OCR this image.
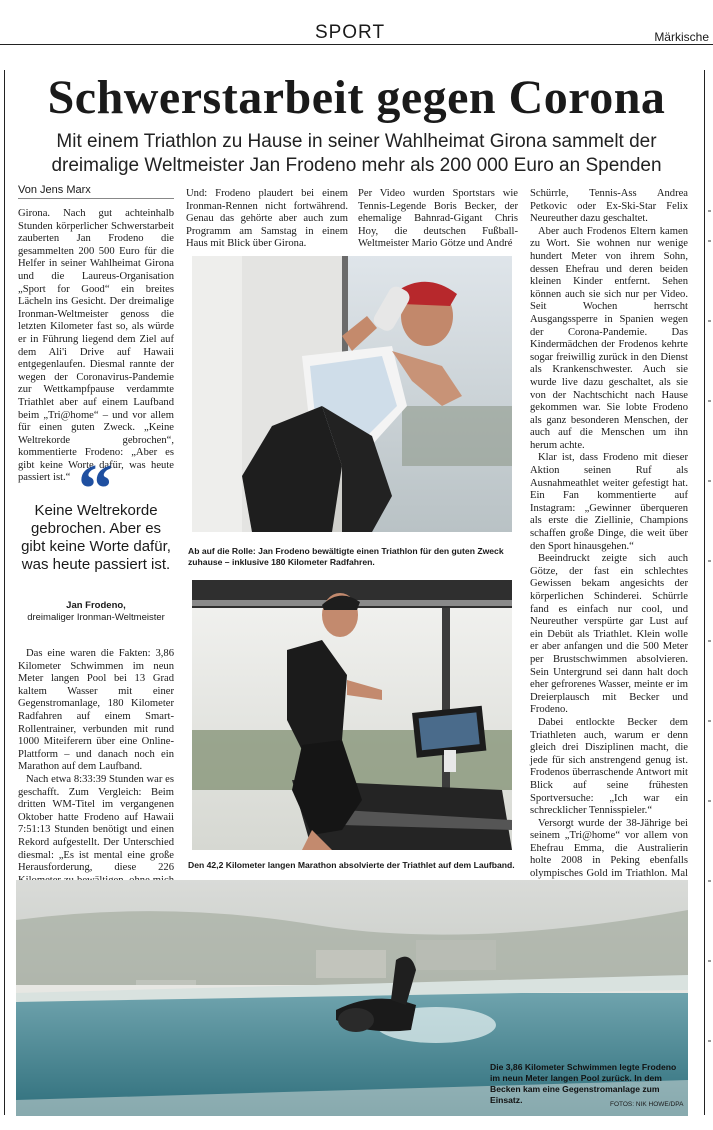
SPORT	Märkische
Schwerstarbeit gegen Corona
Mit einem Triathlon zu Hause in seiner Wahlheimat Girona sammelt der dreimalige Weltmeister Jan Frodeno mehr als 200 000 Euro an Spenden
Von Jens Marx

Girona. Nach gut achteinhalb Stunden körperlicher Schwerstarbeit zauberten Jan Frodeno die gesammelten 200 500 Euro für die Helfer in seiner Wahlheimat Girona und die Laureus-Organisation „Sport for Good“ ein breites Lächeln ins Gesicht. Der dreimalige Ironman-Weltmeister genoss die letzten Kilometer fast so, als würde er in Führung liegend dem Ziel auf dem Ali'i Drive auf Hawaii entgegenlaufen. Diesmal rannte der wegen der Coronavirus-Pandemie zur Wettkampfpause verdammte Triathlet aber auf einem Laufband beim „Tri@home“ – und vor allem für einen guten Zweck. „Keine Weltrekorde gebrochen“, kommentierte Frodeno: „Aber es gibt keine Worte dafür, was heute passiert ist.“ “
Keine Weltrekorde gebrochen. Aber es gibt keine Worte dafür, was heute passiert ist.
Jan Frodeno,
dreimaliger Ironman-Weltmeister

Das eine waren die Fakten: 3,86 Kilometer Schwimmen im neun Meter langen Pool bei 13 Grad kaltem Wasser mit einer Gegenstromanlage, 180 Kilometer Radfahren auf einem Smart-Rollentrainer, verbunden mit rund 1000 Miteiferern über eine Online-Plattform – und danach noch ein Marathon auf dem Laufband.

Nach etwa 8:33:39 Stunden war es geschafft. Zum Vergleich: Beim dritten WM-Titel im vergangenen Oktober hatte Frodeno auf Hawaii 7:51:13 Stunden benötigt und einen Rekord aufgestellt. Der Unterschied diesmal: „Es ist mental eine große Herausforderung, diese 226

Und: Frodeno plaudert bei einem Ironman-Rennen nicht fortwährend. Genau das gehörte aber auch zum Programm am Samstag in einem Haus mit Blick über Girona.

Per Video wurden Sportstars wie Tennis-Legende Boris Becker, der ehemalige Bahnrad-Gigant Chris Hoy, die deutschen Fußball-Weltmeister Mario Götze und André

Schürrle, Tennis-Ass Andrea Petkovic oder Ex-Ski-Star Felix Neureuther dazu geschaltet.

Aber auch Frodenos Eltern kamen zu Wort. Sie wohnen nur wenige hundert Meter von ihrem Sohn, dessen Ehefrau und deren beiden kleinen Kinder entfernt. Sehen können auch sie sich nur per Video. Seit Wochen herrscht Ausgangssperre in Spanien wegen der Corona-Pandemie. Das Kindermädchen der Frodenos kehrte sogar freiwillig zurück in den Dienst als Krankenschwester. Auch sie wurde live dazu geschaltet, als sie von der Nachtschicht nach Hause gekommen war. Sie lobte Frodeno als ganz besonderen Menschen, der auch auf die Menschen um ihn herum achte.

Klar ist, dass Frodeno mit dieser Aktion seinen Ruf als Ausnahmeathlet weiter gefestigt hat. Ein Fan kommentierte auf Instagram: „Gewinner überqueren als erste die Ziellinie, Champions schaffen große Dinge, die weit über den Sport hinausgehen.“

Beeindruckt zeigte sich auch Götze, der fast ein schlechtes Gewissen bekam angesichts der körperlichen Schinderei. Schürrle fand es einfach nur cool, und Neureuther verspürte gar Lust auf ein Debüt als Triathlet. Klein wolle er aber anfangen und die 500 Meter per Brustschwimmen absolvieren. Sein Untergrund sei dann halt doch eher gefrorenes Wasser, meinte er im Dreierplausch mit Becker und Frodeno.

Dabei entlockte Becker dem Triathleten auch, warum er denn gleich drei Disziplinen macht, die jede für sich anstrengend genug ist. Frodenos überraschende Antwort mit Blick auf seine frühesten Sportversuche: „Ich war ein schrecklicher Tennisspieler.“

Versorgt wurde der 38-Jährige bei seinem „Tri@home“ vor allem von Ehefrau Emma, die Australierin holte 2008 in Peking ebenfalls olympisches Gold im Triathlon. Mal

Ab auf die Rolle: Jan Frodeno bewältigte einen Triathlon für den guten Zweck zuhause – inklusive 180 Kilometer Radfahren.
Den 42,2 Kilometer langen Marathon absolvierte der Triathlet auf dem Laufband.
Die 3,86 Kilometer Schwimmen legte Frodeno im neun Meter langen Pool zurück. In dem Becken kam eine Gegenstromanlage zum Einsatz.	FOTOS: NIK HOWE/DPA
